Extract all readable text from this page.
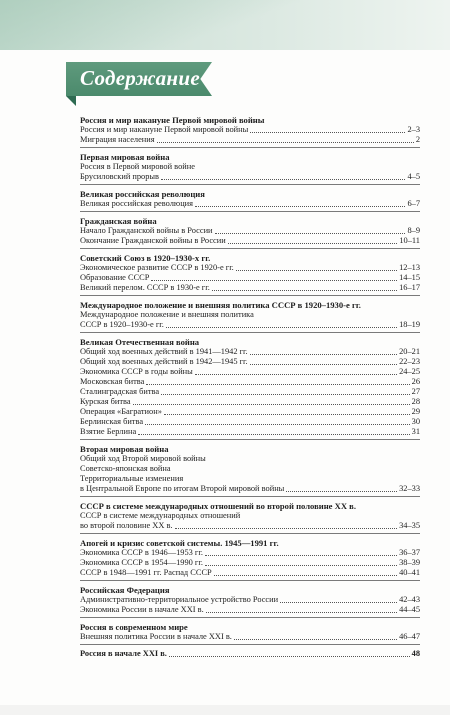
Содержание
Россия и мир накануне Первой мировой войны
Россия и мир накануне Первой мировой войны	2–3
Миграция населения	2
Первая мировая война
Россия в Первой мировой войне
Брусиловский прорыв	4–5
Великая российская революция
Великая российская революция	6–7
Гражданская война
Начало Гражданской войны в России	8–9
Окончание Гражданской войны в России	10–11
Советский Союз в 1920–1930-х гг.
Экономическое развитие СССР в 1920-е гг.	12–13
Образование СССР	14–15
Великий перелом. СССР в 1930-е гг.	16–17
Международное положение и внешняя политика СССР в 1920–1930-е гг.
Международное положение и внешняя политика
СССР в 1920–1930-е гг.	18–19
Великая Отечественная война
Общий ход военных действий в 1941—1942 гг.	20–21
Общий ход военных действий в 1942—1945 гг.	22–23
Экономика СССР в годы войны	24–25
Московская битва	26
Сталинградская битва	27
Курская битва	28
Операция «Багратион»	29
Берлинская битва	30
Взятие Берлина	31
Вторая мировая война
Общий ход Второй мировой войны
Советско-японская война
Территориальные изменения
в Центральной Европе по итогам Второй мировой войны	32–33
СССР в системе международных отношений во второй половине XX в.
СССР в системе международных отношений
во второй половине XX в.	34–35
Апогей и кризис советской системы. 1945—1991 гг.
Экономика СССР в 1946—1953 гг.	36–37
Экономика СССР в 1954—1990 гг.	38–39
СССР в 1948—1991 гг. Распад СССР	40–41
Российская Федерация
Административно-территориальное устройство России	42–43
Экономика России в начале XXI в.	44–45
Россия в современном мире
Внешняя политика России в начале XXI в.	46–47
Россия в начале XXI в.	48
